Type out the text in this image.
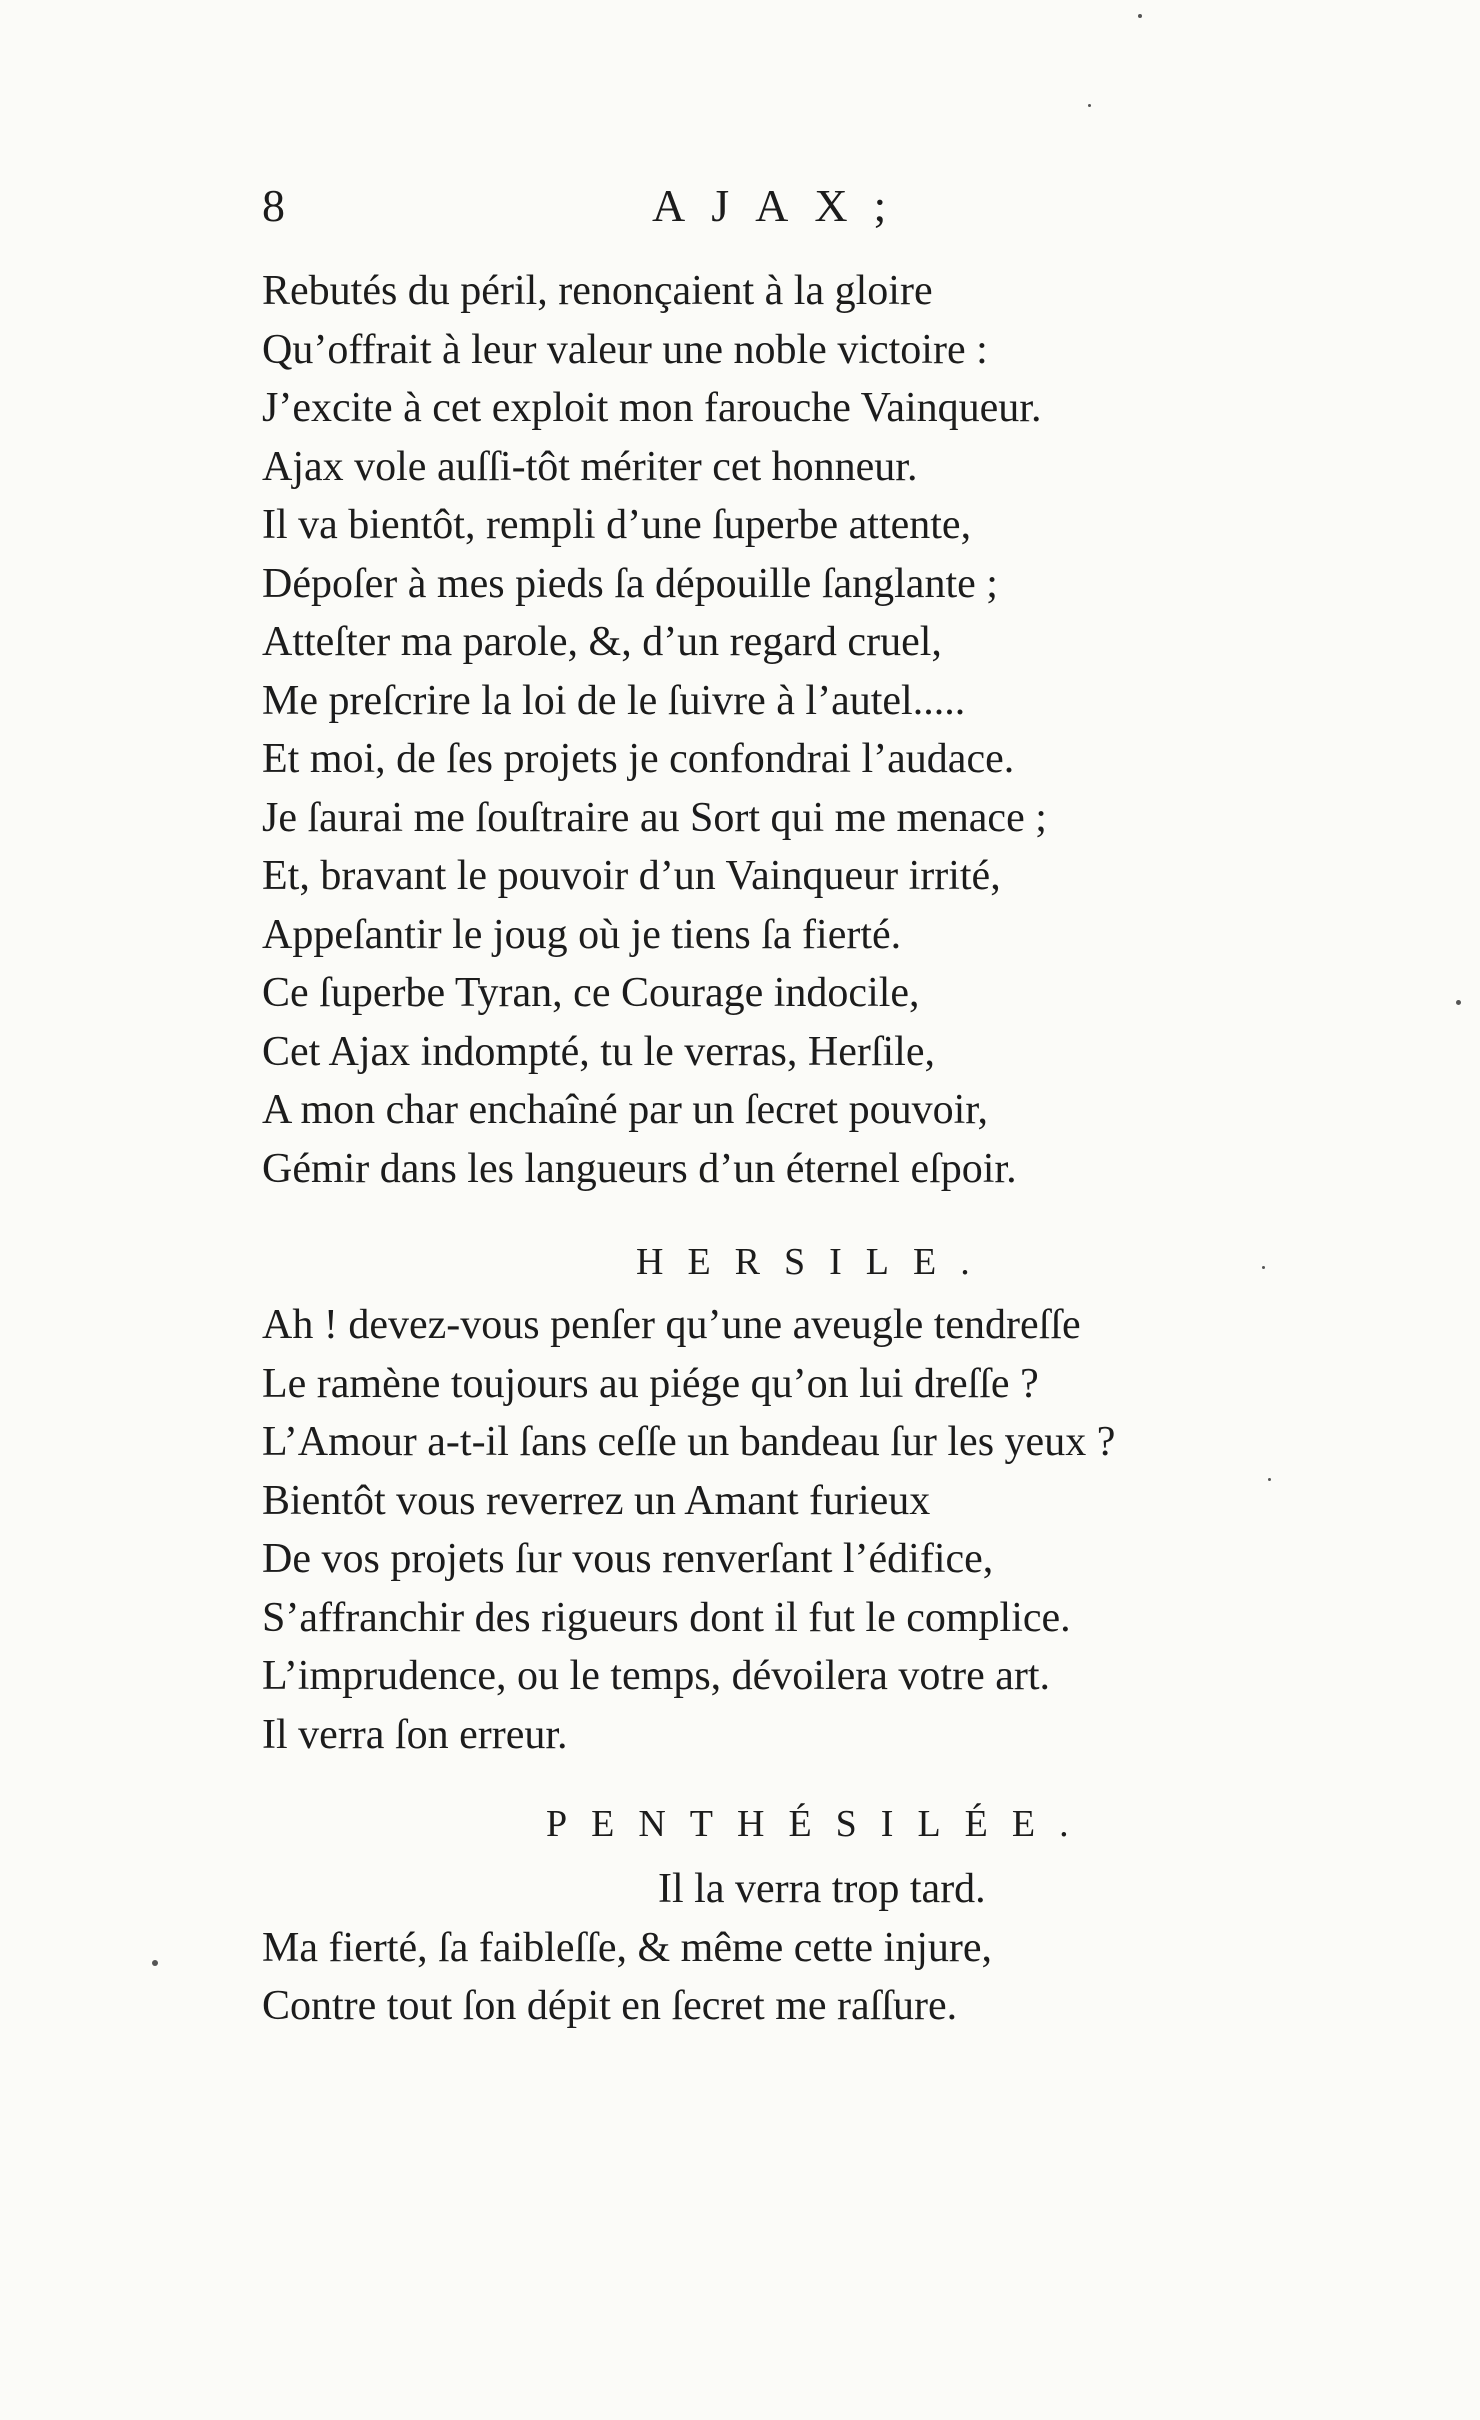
8	AJAX;
Rebutés du péril, renonçaient à la gloire
Qu’offrait à leur valeur une noble victoire :
J’excite à cet exploit mon farouche Vainqueur.
Ajax vole auſſi-tôt mériter cet honneur.
Il va bientôt, rempli d’une ſuperbe attente,
Dépoſer à mes pieds ſa dépouille ſanglante ;
Atteſter ma parole, &, d’un regard cruel,
Me preſcrire la loi de le ſuivre à l’autel.....
Et moi, de ſes projets je confondrai l’audace.
Je ſaurai me ſouſtraire au Sort qui me menace ;
Et, bravant le pouvoir d’un Vainqueur irrité,
Appeſantir le joug où je tiens ſa fierté.
Ce ſuperbe Tyran, ce Courage indocile,
Cet Ajax indompté, tu le verras, Herſile,
A mon char enchaîné par un ſecret pouvoir,
Gémir dans les langueurs d’un éternel eſpoir.
HERSILE.
Ah ! devez-vous penſer qu’une aveugle tendreſſe
Le ramène toujours au piége qu’on lui dreſſe ?
L’Amour a-t-il ſans ceſſe un bandeau ſur les yeux ?
Bientôt vous reverrez un Amant furieux
De vos projets ſur vous renverſant l’édifice,
S’affranchir des rigueurs dont il fut le complice.
L’imprudence, ou le temps, dévoilera votre art.
Il verra ſon erreur.
PENTHÉSILÉE.
Il la verra trop tard.
Ma fierté, ſa faibleſſe, & même cette injure,
Contre tout ſon dépit en ſecret me raſſure.
